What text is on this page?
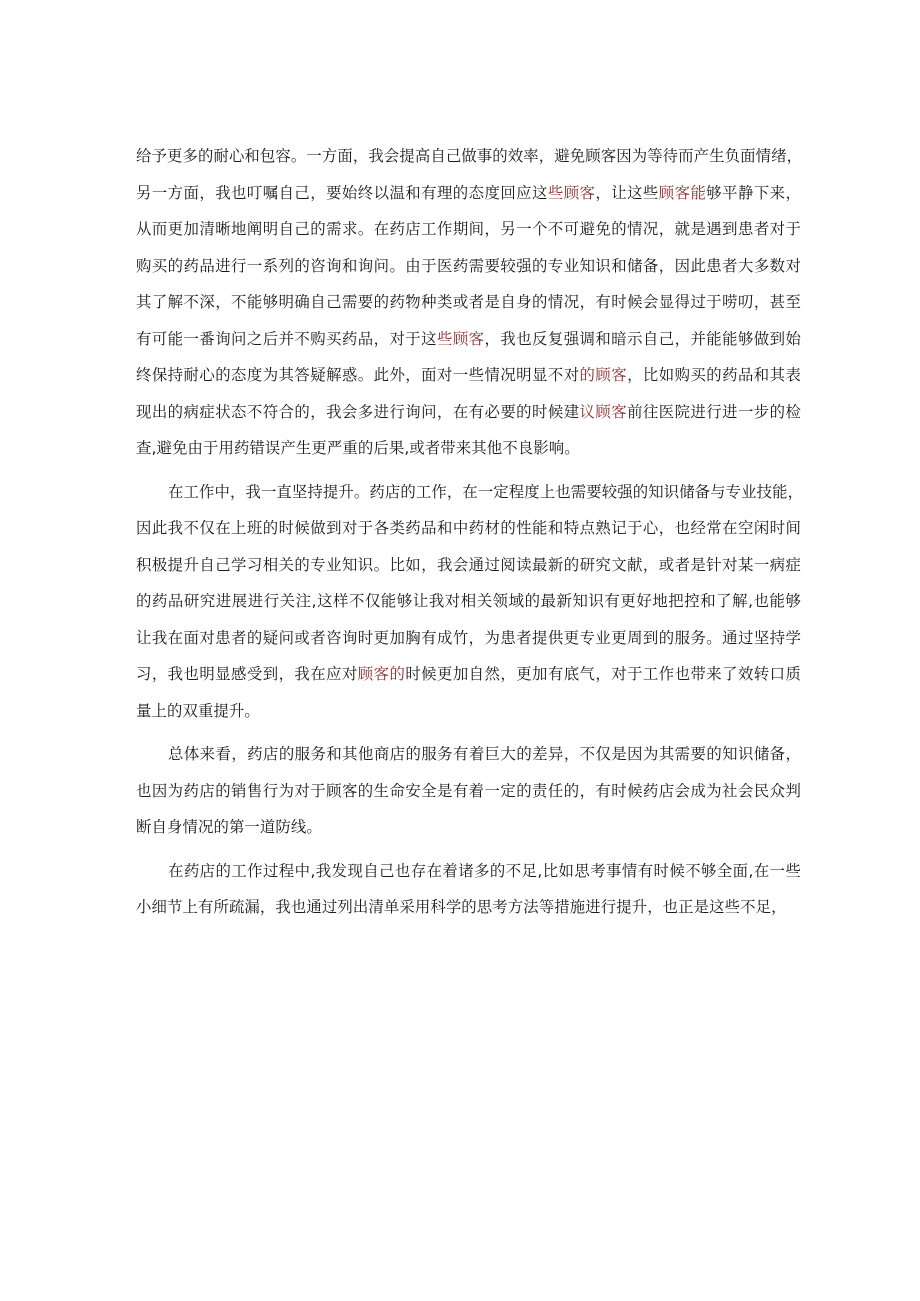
给予更多的耐心和包容。一方面，我会提高自己做事的效率，避免顾客因为等待而产生负面情绪，
另一方面，我也叮嘱自己，要始终以温和有理的态度回应这些顾客，让这些顾客能够平静下来，
从而更加清晰地阐明自己的需求。在药店工作期间，另一个不可避免的情况，就是遇到患者对于
购买的药品进行一系列的咨询和询问。由于医药需要较强的专业知识和储备，因此患者大多数对
其了解不深，不能够明确自己需要的药物种类或者是自身的情况，有时候会显得过于唠叨，甚至
有可能一番询问之后并不购买药品，对于这些顾客，我也反复强调和暗示自己，并能能够做到始
终保持耐心的态度为其答疑解惑。此外，面对一些情况明显不对的顾客，比如购买的药品和其表
现出的病症状态不符合的，我会多进行询问，在有必要的时候建议顾客前往医院进行进一步的检
查,避免由于用药错误产生更严重的后果,或者带来其他不良影响。
在工作中，我一直坚持提升。药店的工作，在一定程度上也需要较强的知识储备与专业技能，
因此我不仅在上班的时候做到对于各类药品和中药材的性能和特点熟记于心，也经常在空闲时间
积极提升自己学习相关的专业知识。比如，我会通过阅读最新的研究文献，或者是针对某一病症
的药品研究进展进行关注,这样不仅能够让我对相关领域的最新知识有更好地把控和了解,也能够
让我在面对患者的疑问或者咨询时更加胸有成竹，为患者提供更专业更周到的服务。通过坚持学
习，我也明显感受到，我在应对顾客的时候更加自然，更加有底气，对于工作也带来了效转口质
量上的双重提升。
总体来看，药店的服务和其他商店的服务有着巨大的差异，不仅是因为其需要的知识储备，
也因为药店的销售行为对于顾客的生命安全是有着一定的责任的，有时候药店会成为社会民众判
断自身情况的第一道防线。
在药店的工作过程中,我发现自己也存在着诸多的不足,比如思考事情有时候不够全面,在一些
小细节上有所疏漏，我也通过列出清单采用科学的思考方法等措施进行提升，也正是这些不足，
